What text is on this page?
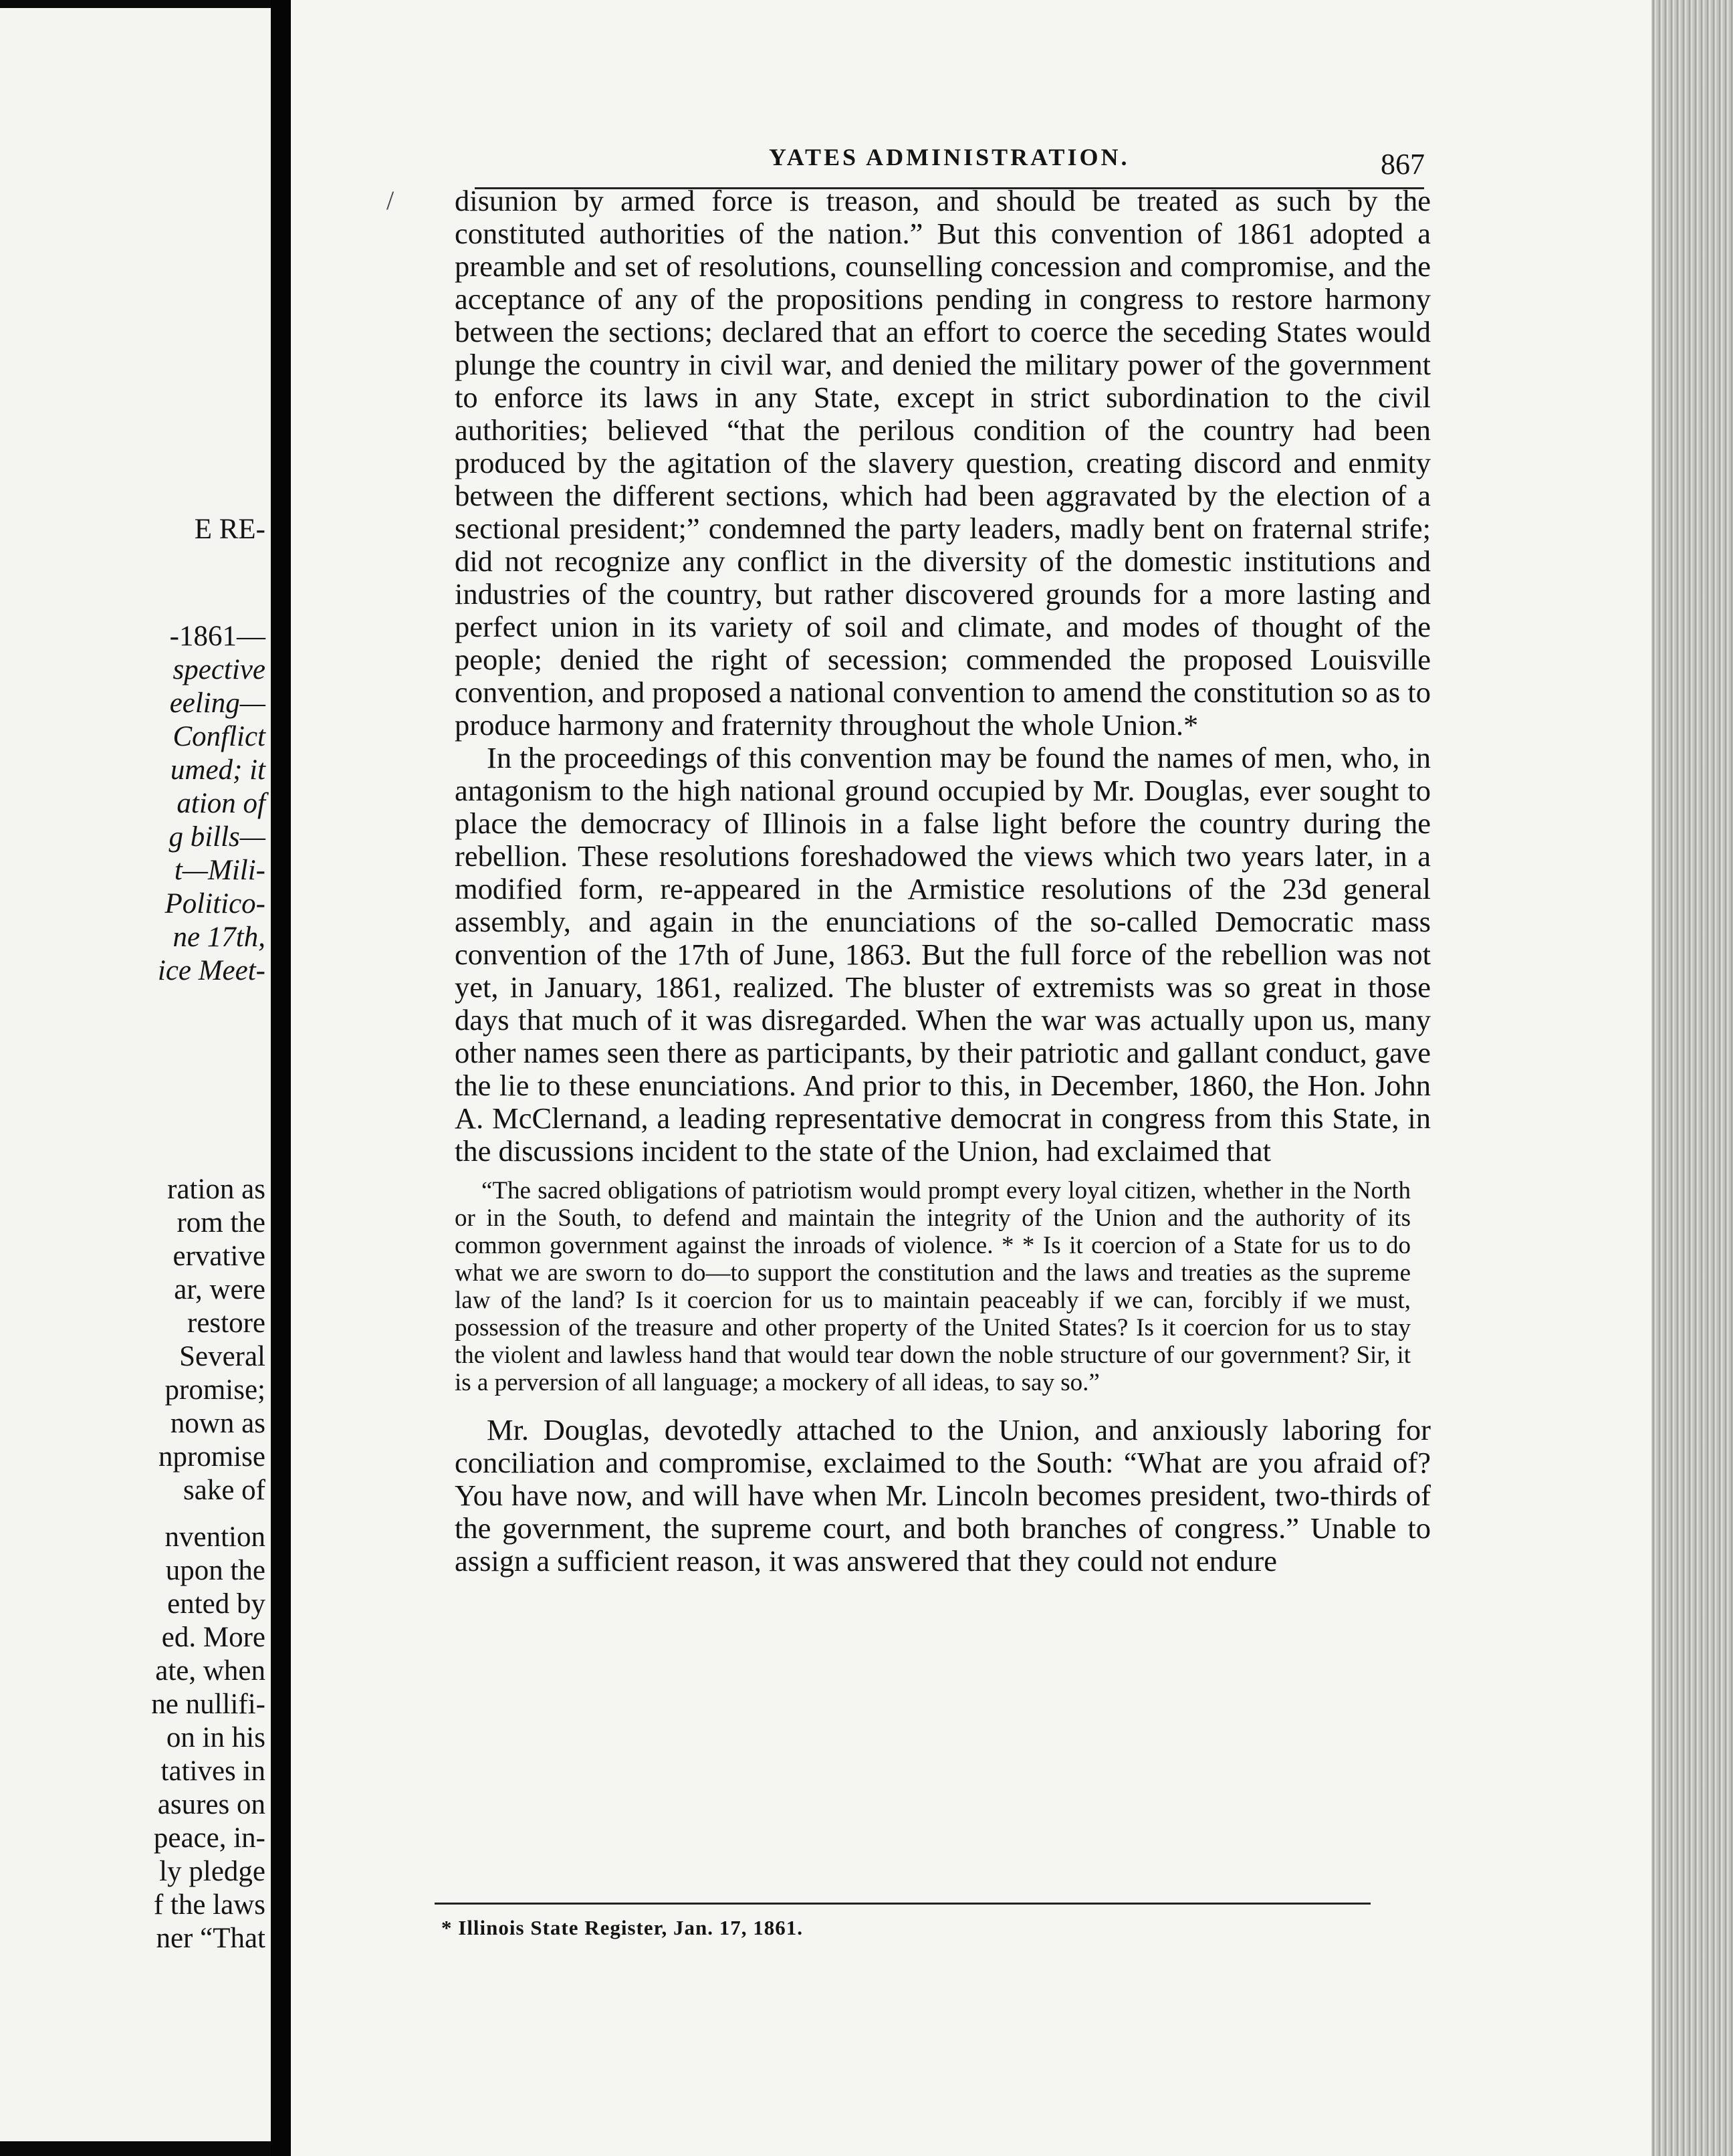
E RE-
-1861—
spective
eeling—
Conflict
umed; it
ation of
g bills—
t—Mili-
Politico-
ne 17th,
ice Meet-
ration as
rom the
ervative
ar, were
restore
Several
promise;
nown as
npromise
sake of
nvention
upon the
ented by
ed. More
ate, when
ne nullifi-
on in his
tatives in
asures on
peace, in-
ly pledge
f the laws
ner “That
/
YATES ADMINISTRATION.	867

disunion by armed force is treason, and should be treated as such by the constituted authorities of the nation.” But this convention of 1861 adopted a preamble and set of resolutions, counselling concession and compromise, and the acceptance of any of the propositions pending in congress to restore harmony between the sections; declared that an effort to coerce the seceding States would plunge the country in civil war, and denied the military power of the government to enforce its laws in any State, except in strict subordination to the civil authorities; believed “that the perilous condition of the country had been produced by the agitation of the slavery question, creating discord and enmity between the different sections, which had been aggravated by the election of a sectional president;” condemned the party leaders, madly bent on fraternal strife; did not recognize any conflict in the diversity of the domestic institutions and industries of the country, but rather discovered grounds for a more lasting and perfect union in its variety of soil and climate, and modes of thought of the people; denied the right of secession; commended the proposed Louisville convention, and proposed a national convention to amend the constitution so as to produce harmony and fraternity throughout the whole Union.*

In the proceedings of this convention may be found the names of men, who, in antagonism to the high national ground occupied by Mr. Douglas, ever sought to place the democracy of Illinois in a false light before the country during the rebellion. These resolutions foreshadowed the views which two years later, in a modified form, re-appeared in the Armistice resolutions of the 23d general assembly, and again in the enunciations of the so-called Democratic mass convention of the 17th of June, 1863. But the full force of the rebellion was not yet, in January, 1861, realized. The bluster of extremists was so great in those days that much of it was disregarded. When the war was actually upon us, many other names seen there as participants, by their patriotic and gallant conduct, gave the lie to these enunciations. And prior to this, in December, 1860, the Hon. John A. McClernand, a leading representative democrat in congress from this State, in the discussions incident to the state of the Union, had exclaimed that

“The sacred obligations of patriotism would prompt every loyal citizen, whether in the North or in the South, to defend and maintain the integrity of the Union and the authority of its common government against the inroads of violence. * * Is it coercion of a State for us to do what we are sworn to do—to support the constitution and the laws and treaties as the supreme law of the land? Is it coercion for us to maintain peaceably if we can, forcibly if we must, possession of the treasure and other property of the United States? Is it coercion for us to stay the violent and lawless hand that would tear down the noble structure of our government? Sir, it is a perversion of all language; a mockery of all ideas, to say so.”

Mr. Douglas, devotedly attached to the Union, and anxiously laboring for conciliation and compromise, exclaimed to the South: “What are you afraid of? You have now, and will have when Mr. Lincoln becomes president, two-thirds of the government, the supreme court, and both branches of congress.” Unable to assign a sufficient reason, it was answered that they could not endure

* Illinois State Register, Jan. 17, 1861.
